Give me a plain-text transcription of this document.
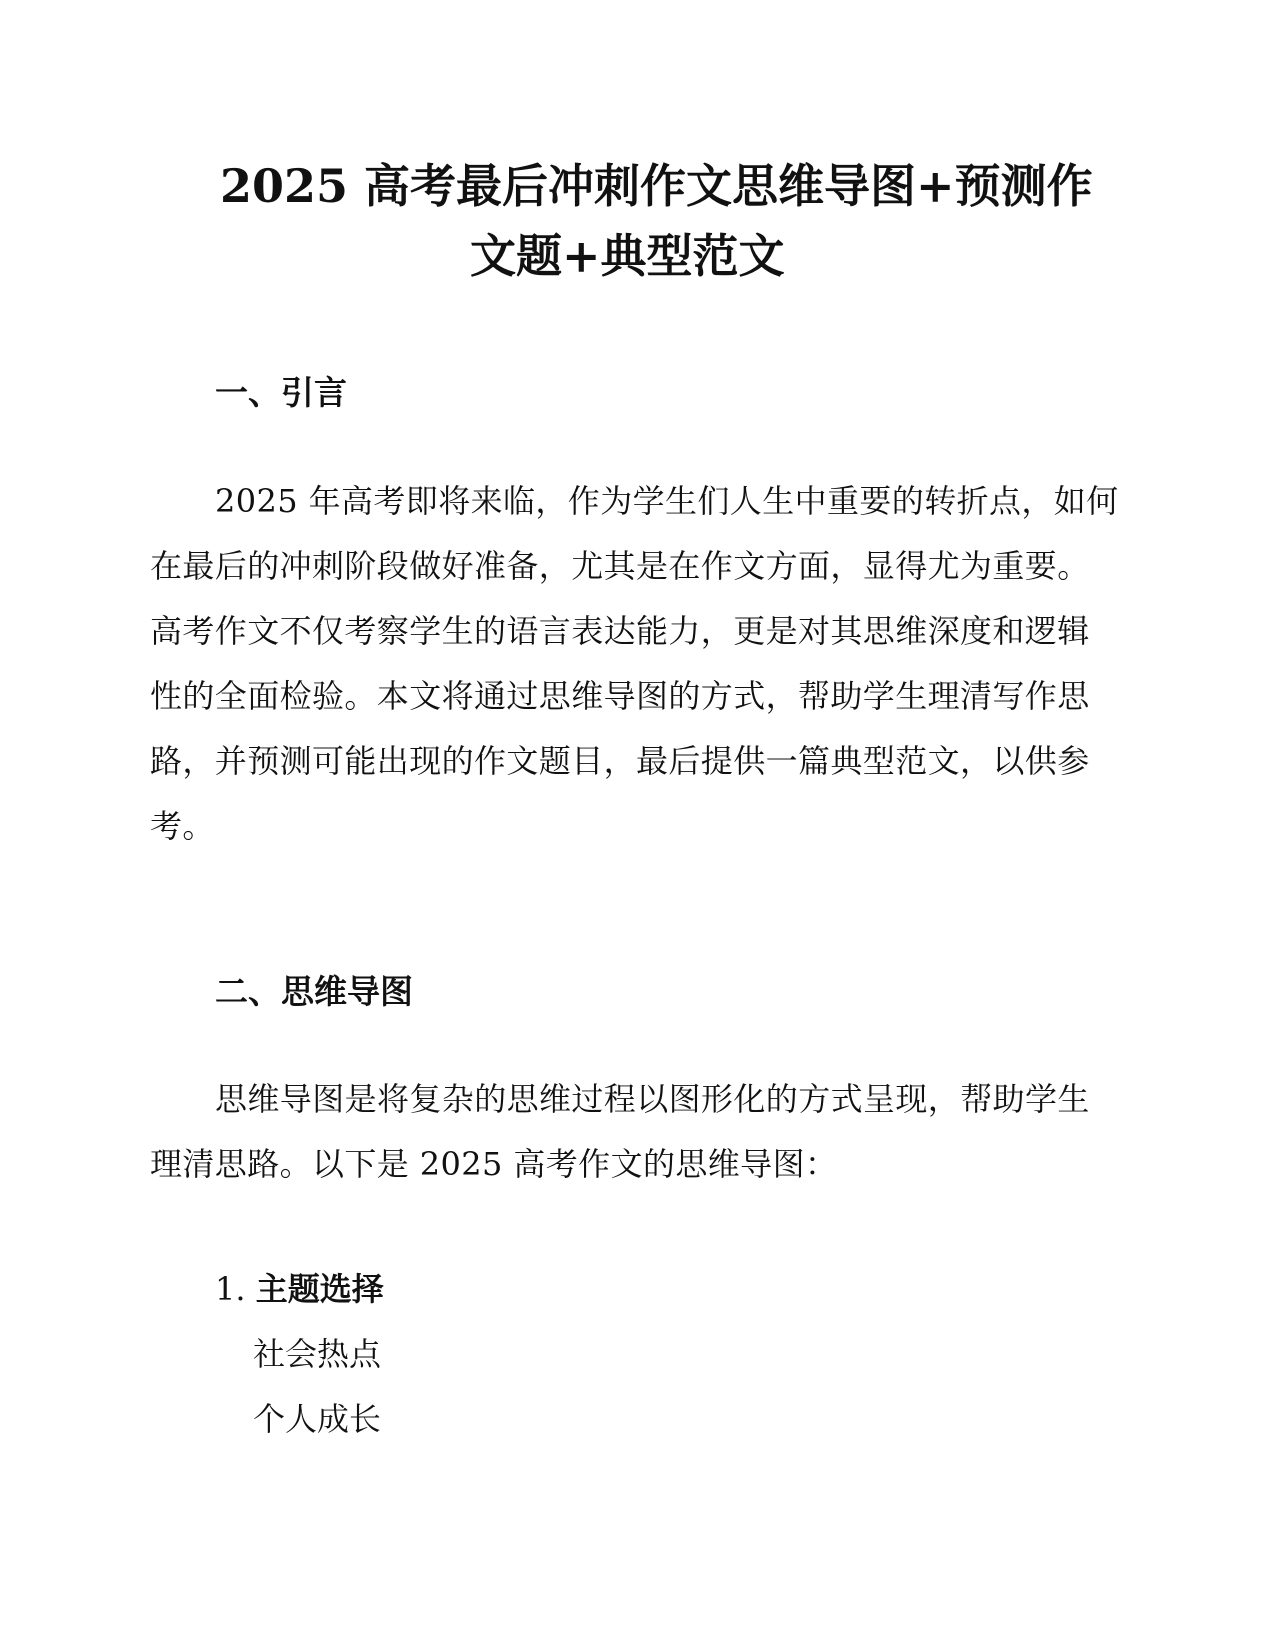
2025 高考最后冲刺作文思维导图+预测作
文题+典型范文
一、引言

2025 年高考即将来临，作为学生们人生中重要的转折点，如何

在最后的冲刺阶段做好准备，尤其是在作文方面，显得尤为重要。

高考作文不仅考察学生的语言表达能力，更是对其思维深度和逻辑

性的全面检验。本文将通过思维导图的方式，帮助学生理清写作思

路，并预测可能出现的作文题目，最后提供一篇典型范文，以供参

考。

二、思维导图

思维导图是将复杂的思维过程以图形化的方式呈现，帮助学生

理清思路。以下是 2025 高考作文的思维导图：

1. 主题选择
社会热点
个人成长
